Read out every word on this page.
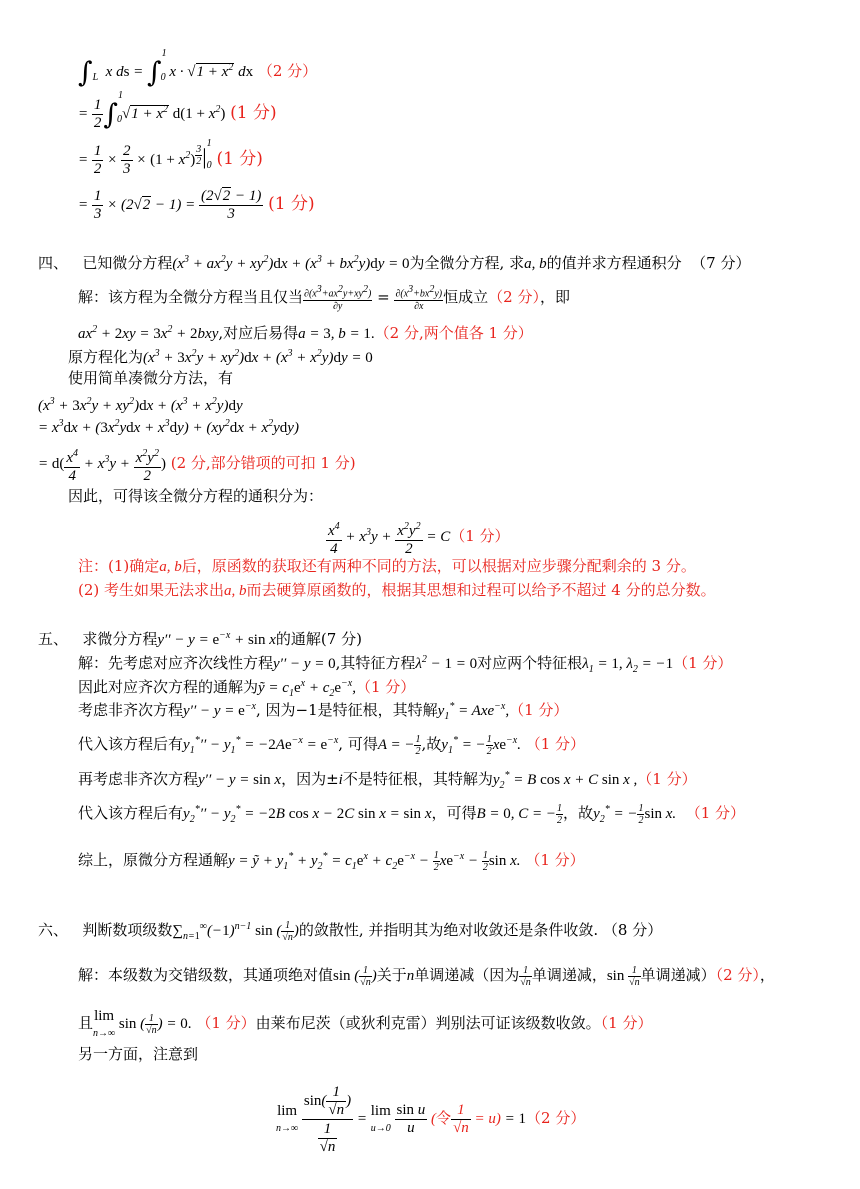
$\int_L$  x ds = ∫$^1_0$ $x \cdot √1 + x^2$ dx （2 分）
= $\frac{1}{2} \int^1_0√1 + x^2$ $d(1 + x^2)$ (1 分)
= $\frac{1}{2} \times \frac{2}{3} \times (1 + x^2)$ $^{\frac{3}{2}}$ $|^1_0$ (1 分)
= $\frac{1}{3} \times (2√2 - 1) = \frac{(2√2 - 1)}{3} (1$ 分)
四、 已知微分方程$(x^3 + ax^2y + xy^2)dx + (x^3 + bx^2y)dy = 0$为全微分方程, 求a, b的值并求方程通积分 （7 分）
解：该方程为全微分方程当且仅当 $\frac{\partial(x^3+ax^2y+xy^2)}{\partial y} = \frac{\partial(x^3+bx^2y)}{\partial x}$ 恒成立（2 分），即
$ax^2 + 2xy = 3x^2 + 2bxy$,对应后易得a = 3, b = 1.（2 分,两个值各 1 分）
原方程化为$(x^3 + 3x^2y + xy^2)dx + (x^3 + x^2y)dy = 0$
使用简单凑微分方法，有
$(x^3 + 3x^2y + xy^2)dx + (x^3 + x^2y)dy$
= $x^3dx + (3x^2ydx + x^3dy) + (xy^2dx + x^2ydy)$
= $d( \frac{x^4}{4} + x^3y + \frac{x^2y^2}{2}$ ) (2 分,部分错项的可扣 1 分)
因此，可得该全微分方程的通积分为：
$\frac{x^4}{4} + x^3y + \frac{x^2y^2}{2} = C(1$ 分）
注：(1)确定a, b后，原函数的获取还有两种不同的方法，可以根据对应步骤分配剩余的 3 分。
(2) 考生如果无法求出a, b而去硬算原函数的，根据其思想和过程可以给予不超过 4 分的总分数。
五、 求微分方程$y'' - y = e^{-x} + \sin x$的通解(7 分)
解：先考虑对应齐次线性方程y′′ − y = 0,其特征方程$\lambda^2 - 1 = 0$对应两个特征根$\lambda_1 = 1$, $\lambda_2 = -1(1$ 分）
因此对应齐次方程的通解为ỹ = $c_1e^x + c_2e^{-x},(1$ 分）
考虑非齐次方程$y'' - y = e^{-x}$, 因为−1是特征根，其特解$y_1^* = Axe^{-x},(1$ 分）
代入该方程后有$y_1^*'' - y_1^* = -2Ae^{-x} = e^{-x}$, 可得A = − $\frac{1}{2}$ ,故$y_1^*$ = − $\frac{1}{2} xe^{-x}$. （1 分）
再考虑非齐次方程y′′ − y = sin x，因为±i不是特征根，其特解为$y_2^* = B$ cos x + C sin x ,（1 分）
代入该方程后有$y_2^*'' - y_2^* = -2B$ cos x − 2C sin x = sin x，可得B = 0, C = − $\frac{1}{2}$ ，故$y_2^*$ = − $\frac{1}{2}$ sin x. （1 分）
综上，原微分方程通解y = ỹ + $y_1^* + y_2^* = c_1e^x + c_2e^{-x} - \frac{1}{2} xe^{-x} - \frac{1}{2}$ sin x. （1 分）
六、 判断数项级数$\sum_{n=1}^\infty(-1)^{n-1}$ sin ( $\frac{1}{√n}$ )的敛散性, 并指明其为绝对收敛还是条件收敛. （8 分）
解：本级数为交错级数，其通项绝对值sin ( $\frac{1}{√n}$ )关于n单调递减（因为 $\frac{1}{√n}$ 单调递减，$\sin \frac{1}{√n}$ 单调递减）（2 分），
且lim
n→∞ sin ( $\frac{1}{√n}$ ) = 0. （1 分）由莱布尼茨（或狄利克雷）判别法可证该级数收敛。（1 分）
另一方面，注意到
lim
$n\to\infty \frac{\sin( \frac{1}{√n} )}{\frac{1}{√n}} = \lim$
$u\to 0 \frac{\text{sin u}}{u}$ (令 $\frac{1}{√n} = u) = 1(2$ 分）
